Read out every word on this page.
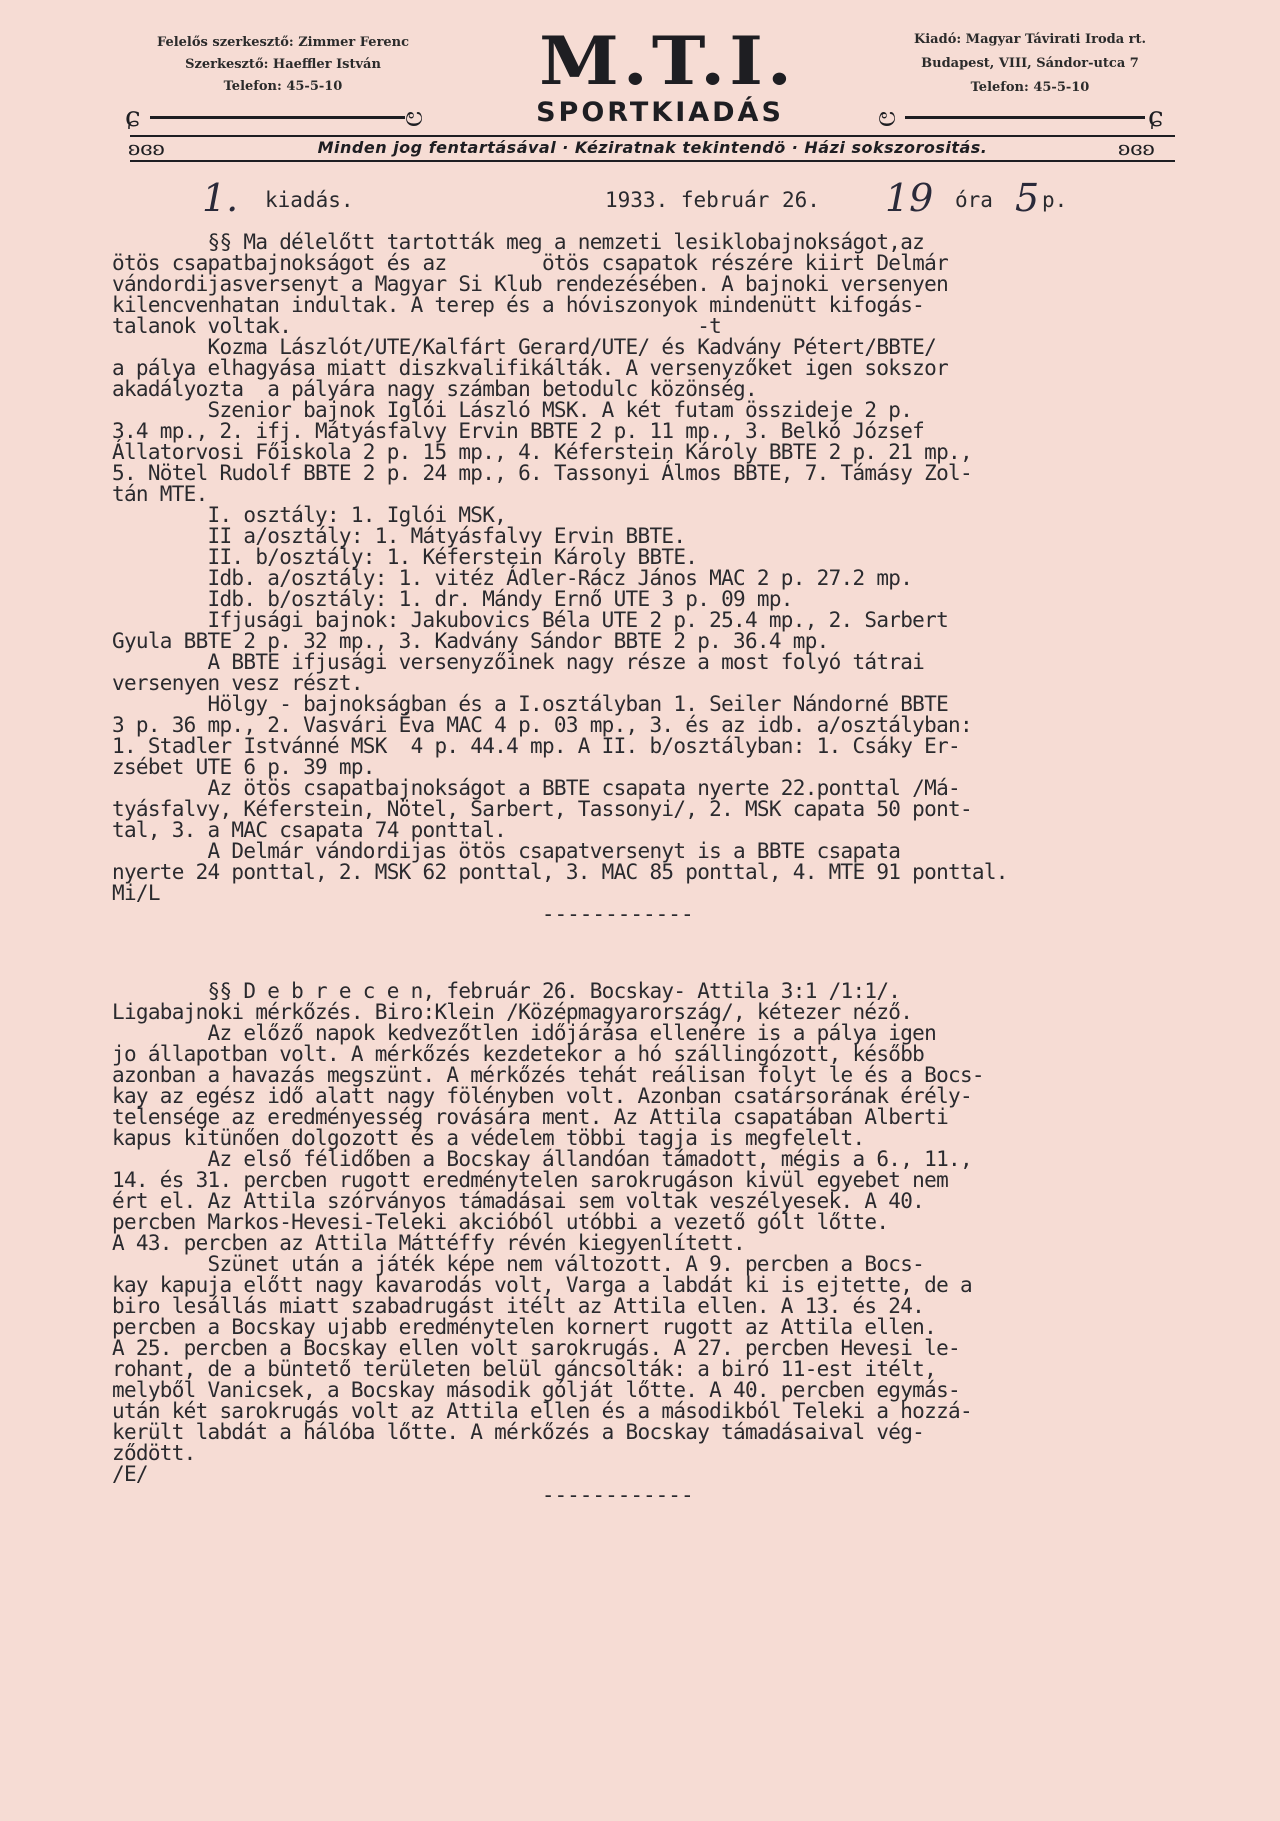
Felelős szerkesztő: Zimmer Ferenc
Szerkesztő: Haeffler István
Telefon: 45-5-10	M.T.I.	Kiadó: Magyar Távirati Iroda rt.
Budapest, VIII, Sándor-utca 7
Telefon: 45-5-10
ɕ	ಲ	SPORTKIADÁS	ಲ	ɕ
ʚɞʚ	Minden jog fentartásával · Kéziratnak tekintendö · Házi sokszorositás.	ʚɞʚ
1. kiadás.	1933. február 26. 19 óra 5 p.

§§ Ma délelőtt tartották meg a nemzeti lesiklobajnokságot,az

ötös csapatbajnokságot és az        ötös csapatok részére kiirt Delmár

vándordijasversenyt a Magyar Si Klub rendezésében. A bajnoki versenyen

kilencvenhatan indultak. A terep és a hóviszonyok mindenütt kifogás-

talanok voltak.                                  -t

Kozma Lászlót/UTE/Kalfárt Gerard/UTE/ és Kadvány Pétert/BBTE/

a pálya elhagyása miatt diszkvalifikálták. A versenyzőket igen sokszor

akadályozta  a pályára nagy számban betodulc közönség.

Szenior bajnok Iglói László MSK. A két futam összideje 2 p.

3.4 mp., 2. ifj. Mátyásfalvy Ervin BBTE 2 p. 11 mp., 3. Belkó József

Állatorvosi Főiskola 2 p. 15 mp., 4. Kéferstein Károly BBTE 2 p. 21 mp.,

5. Nötel Rudolf BBTE 2 p. 24 mp., 6. Tassonyi Álmos BBTE, 7. Támásy Zol-

tán MTE.

I. osztály: 1. Iglói MSK,

II a/osztály: 1. Mátyásfalvy Ervin BBTE.

II. b/osztály: 1. Kéferstein Károly BBTE.

Idb. a/osztály: 1. vitéz Ádler-Rácz János MAC 2 p. 27.2 mp.

Idb. b/osztály: 1. dr. Mándy Ernő UTE 3 p. 09 mp.

Ifjusági bajnok: Jakubovics Béla UTE 2 p. 25.4 mp., 2. Sarbert

Gyula BBTE 2 p. 32 mp., 3. Kadvány Sándor BBTE 2 p. 36.4 mp.

A BBTE ifjusági versenyzőinek nagy része a most folyó tátrai

versenyen vesz részt.

Hölgy - bajnokságban és a I.osztályban 1. Seiler Nándorné BBTE

3 p. 36 mp., 2. Vasvári Éva MAC 4 p. 03 mp., 3. és az idb. a/osztályban:

1. Stadler Istvánné MSK  4 p. 44.4 mp. A II. b/osztályban: 1. Csáky Er-

zsébet UTE 6 p. 39 mp.

Az ötös csapatbajnokságot a BBTE csapata nyerte 22.ponttal /Má-

tyásfalvy, Kéferstein, Nötel, Sarbert, Tassonyi/, 2. MSK capata 50 pont-

tal, 3. a MAC csapata 74 ponttal.

A Delmár vándordijas ötös csapatversenyt is a BBTE csapata

nyerte 24 ponttal, 2. MSK 62 ponttal, 3. MAC 85 ponttal, 4. MTE 91 ponttal.

Mi/L

------------

§§ D e b r e c e n, február 26. Bocskay- Attila 3:1 /1:1/.

Ligabajnoki mérkőzés. Biro:Klein /Középmagyarország/, kétezer néző.

Az előző napok kedvezőtlen időjárása ellenére is a pálya igen

jo állapotban volt. A mérkőzés kezdetekor a hó szállingózott, később

azonban a havazás megszünt. A mérkőzés tehát reálisan folyt le és a Bocs-

kay az egész idő alatt nagy fölényben volt. Azonban csatársorának érély-

telensége az eredményesség rovására ment. Az Attila csapatában Alberti

kapus kitünően dolgozott és a védelem többi tagja is megfelelt.

Az első félidőben a Bocskay állandóan támadott, mégis a 6., 11.,

14. és 31. percben rugott eredménytelen sarokrugáson kivül egyebet nem

ért el. Az Attila szórványos támadásai sem voltak veszélyesek. A 40.

percben Markos-Hevesi-Teleki akcióból utóbbi a vezető gólt lőtte.

A 43. percben az Attila Máttéffy révén kiegyenlített.

Szünet után a játék képe nem változott. A 9. percben a Bocs-

kay kapuja előtt nagy kavarodás volt, Varga a labdát ki is ejtette, de a

biro lesállás miatt szabadrugást itélt az Attila ellen. A 13. és 24.

percben a Bocskay ujabb eredménytelen kornert rugott az Attila ellen.

A 25. percben a Bocskay ellen volt sarokrugás. A 27. percben Hevesi le-

rohant, de a büntető területen belül gáncsolták: a biró 11-est itélt,

melyből Vanicsek, a Bocskay második gólját lőtte. A 40. percben egymás-

után két sarokrugás volt az Attila ellen és a másodikból Teleki a hozzá-

került labdát a hálóba lőtte. A mérkőzés a Bocskay támadásaival vég-

ződött.

/E/

------------
